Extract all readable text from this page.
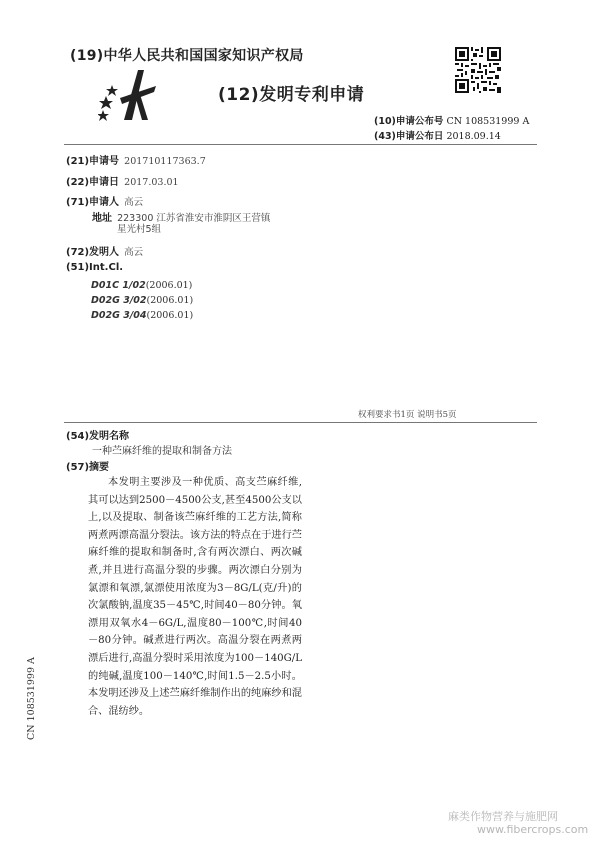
(19)中华人民共和国国家知识产权局
(12)发明专利申请
(10)申请公布号 CN 108531999 A
(43)申请公布日 2018.09.14
(21)申请号 201710117363.7
(22)申请日 2017.03.01
(71)申请人 高云
地址 223300 江苏省淮安市淮阴区王营镇
星光村5组
(72)发明人 高云
(51)Int.Cl.
D01C 1/02(2006.01)
D02G 3/02(2006.01)
D02G 3/04(2006.01)
权利要求书1页 说明书5页
(54)发明名称
一种苎麻纤维的提取和制备方法
(57)摘要
本发明主要涉及一种优质、高支苎麻纤维,其可以达到2500－4500公支,甚至4500公支以上,以及提取、制备该苎麻纤维的工艺方法,简称两煮两漂高温分裂法。该方法的特点在于进行苎麻纤维的提取和制备时,含有两次漂白、两次碱煮,并且进行高温分裂的步骤。两次漂白分别为氯漂和氧漂,氯漂使用浓度为3－8G/L(克/升)的次氯酸钠,温度35－45℃,时间40－80分钟。氧漂用双氧水4－6G/L,温度80－100℃,时间40－80分钟。碱煮进行两次。高温分裂在两煮两漂后进行,高温分裂时采用浓度为100－140G/L的纯碱,温度100－140℃,时间1.5－2.5小时。本发明还涉及上述苎麻纤维制作出的纯麻纱和混合、混纺纱。
CN 108531999 A
麻类作物营养与施肥网
www.fibercrops.com
